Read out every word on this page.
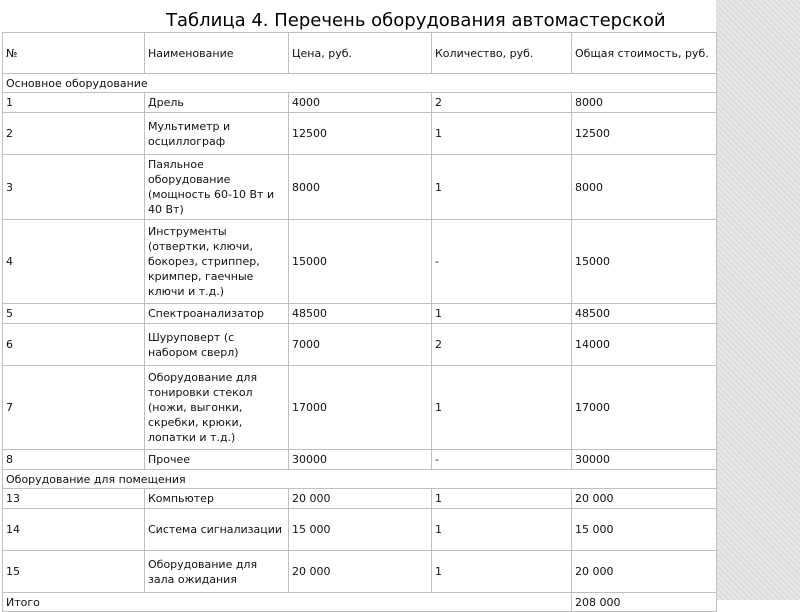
Таблица 4. Перечень оборудования автомастерской
№	Наименование	Цена, руб.	Количество, руб.	Общая стоимость, руб.
Основное оборудование				
1	Дрель	4000	2	8000
2	Мультиметр и осциллограф	12500	1	12500
3	Паяльное оборудование (мощность 60-10 Вт и 40 Вт)	8000	1	8000
4	Инструменты (отвертки, ключи, бокорез, стриппер, кримпер, гаечные ключи и т.д.)	15000	-	15000
5	Спектроанализатор	48500	1	48500
6	Шуруповерт (с набором сверл)	7000	2	14000
7	Оборудование для тонировки стекол (ножи, выгонки, скребки, крюки, лопатки и т.д.)	17000	1	17000
8	Прочее	30000	-	30000
Оборудование для помещения				
13	Компьютер	20 000	1	20 000
14	Система сигнализации	15 000	1	15 000
15	Оборудование для зала ожидания	20 000	1	20 000
Итого				208 000
